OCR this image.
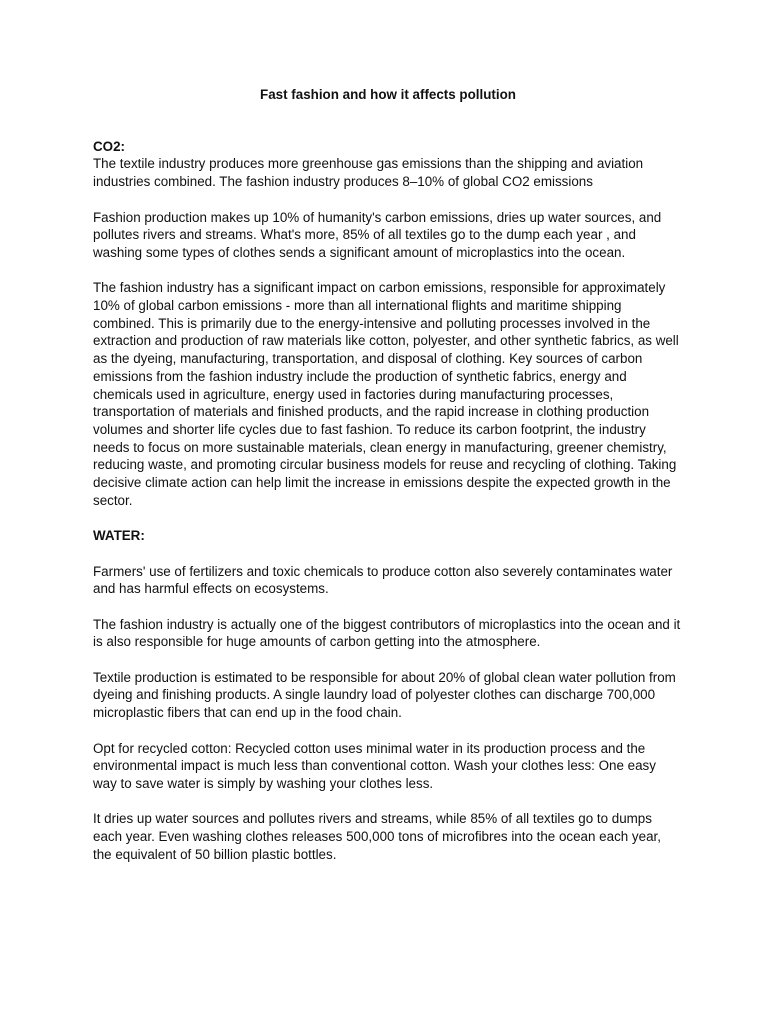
Fast fashion and how it affects pollution

CO2:

The textile industry produces more greenhouse gas emissions than the shipping and aviation industries combined. The fashion industry produces 8–10% of global CO2 emissions

Fashion production makes up 10% of humanity's carbon emissions, dries up water sources, and pollutes rivers and streams. What's more, 85% of all textiles go to the dump each year , and washing some types of clothes sends a significant amount of microplastics into the ocean.

The fashion industry has a significant impact on carbon emissions, responsible for approximately 10% of global carbon emissions - more than all international flights and maritime shipping combined. This is primarily due to the energy-intensive and polluting processes involved in the extraction and production of raw materials like cotton, polyester, and other synthetic fabrics, as well as the dyeing, manufacturing, transportation, and disposal of clothing. Key sources of carbon emissions from the fashion industry include the production of synthetic fabrics, energy and chemicals used in agriculture, energy used in factories during manufacturing processes, transportation of materials and finished products, and the rapid increase in clothing production volumes and shorter life cycles due to fast fashion. To reduce its carbon footprint, the industry needs to focus on more sustainable materials, clean energy in manufacturing, greener chemistry, reducing waste, and promoting circular business models for reuse and recycling of clothing. Taking decisive climate action can help limit the increase in emissions despite the expected growth in the sector.

WATER:

Farmers' use of fertilizers and toxic chemicals to produce cotton also severely contaminates water and has harmful effects on ecosystems.

The fashion industry is actually one of the biggest contributors of microplastics into the ocean and it is also responsible for huge amounts of carbon getting into the atmosphere.

Textile production is estimated to be responsible for about 20% of global clean water pollution from dyeing and finishing products. A single laundry load of polyester clothes can discharge 700,000 microplastic fibers that can end up in the food chain.

Opt for recycled cotton: Recycled cotton uses minimal water in its production process and the environmental impact is much less than conventional cotton. Wash your clothes less: One easy way to save water is simply by washing your clothes less.

It dries up water sources and pollutes rivers and streams, while 85% of all textiles go to dumps each year. Even washing clothes releases 500,000 tons of microfibres into the ocean each year, the equivalent of 50 billion plastic bottles.
